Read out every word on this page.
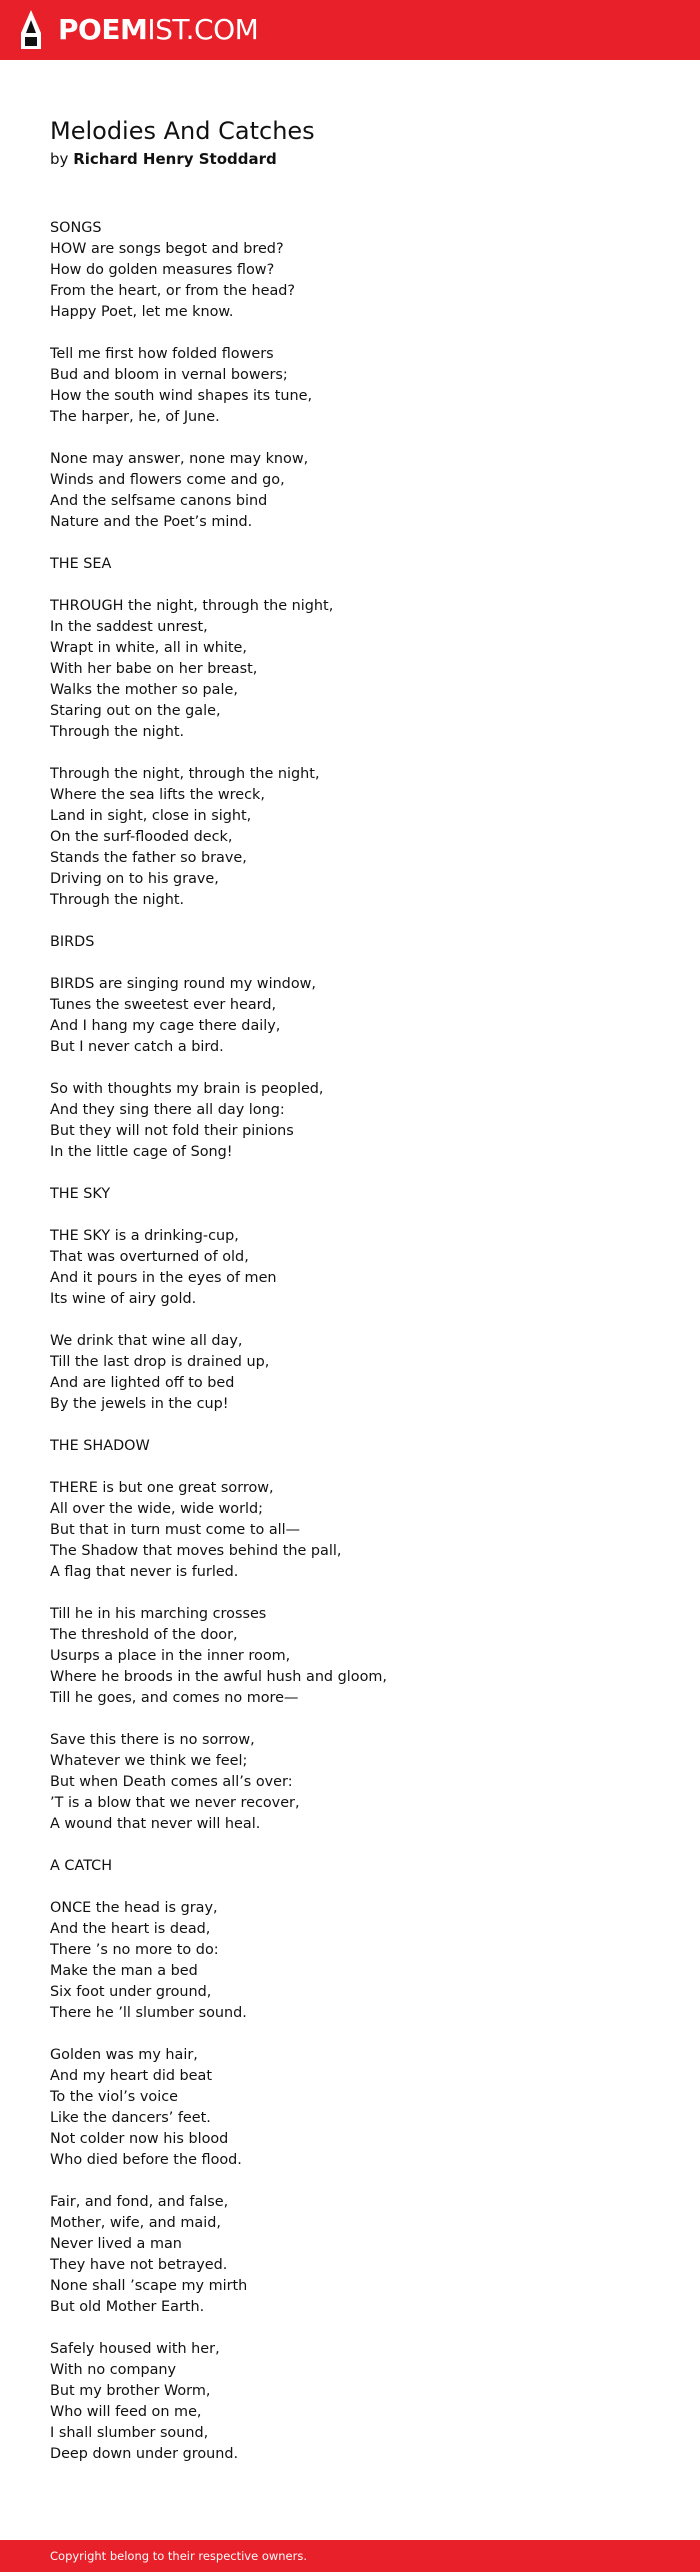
POEMIST.COM
Melodies And Catches
by Richard Henry Stoddard
SONGS
HOW are songs begot and bred?
How do golden measures flow?
From the heart, or from the head?
Happy Poet, let me know.
Tell me first how folded flowers
Bud and bloom in vernal bowers;
How the south wind shapes its tune,
The harper, he, of June.
None may answer, none may know,
Winds and flowers come and go,
And the selfsame canons bind
Nature and the Poet’s mind.
THE SEA
THROUGH the night, through the night,
In the saddest unrest,
Wrapt in white, all in white,
With her babe on her breast,
Walks the mother so pale,
Staring out on the gale,
Through the night.
Through the night, through the night,
Where the sea lifts the wreck,
Land in sight, close in sight,
On the surf-flooded deck,
Stands the father so brave,
Driving on to his grave,
Through the night.
BIRDS
BIRDS are singing round my window,
Tunes the sweetest ever heard,
And I hang my cage there daily,
But I never catch a bird.
So with thoughts my brain is peopled,
And they sing there all day long:
But they will not fold their pinions
In the little cage of Song!
THE SKY
THE SKY is a drinking-cup,
That was overturned of old,
And it pours in the eyes of men
Its wine of airy gold.
We drink that wine all day,
Till the last drop is drained up,
And are lighted off to bed
By the jewels in the cup!
THE SHADOW
THERE is but one great sorrow,
All over the wide, wide world;
But that in turn must come to all—
The Shadow that moves behind the pall,
A flag that never is furled.
Till he in his marching crosses
The threshold of the door,
Usurps a place in the inner room,
Where he broods in the awful hush and gloom,
Till he goes, and comes no more—
Save this there is no sorrow,
Whatever we think we feel;
But when Death comes all’s over:
’T is a blow that we never recover,
A wound that never will heal.
A CATCH
ONCE the head is gray,
And the heart is dead,
There ’s no more to do:
Make the man a bed
Six foot under ground,
There he ’ll slumber sound.
Golden was my hair,
And my heart did beat
To the viol’s voice
Like the dancers’ feet.
Not colder now his blood
Who died before the flood.
Fair, and fond, and false,
Mother, wife, and maid,
Never lived a man
They have not betrayed.
None shall ’scape my mirth
But old Mother Earth.
Safely housed with her,
With no company
But my brother Worm,
Who will feed on me,
I shall slumber sound,
Deep down under ground.
Copyright belong to their respective owners.
